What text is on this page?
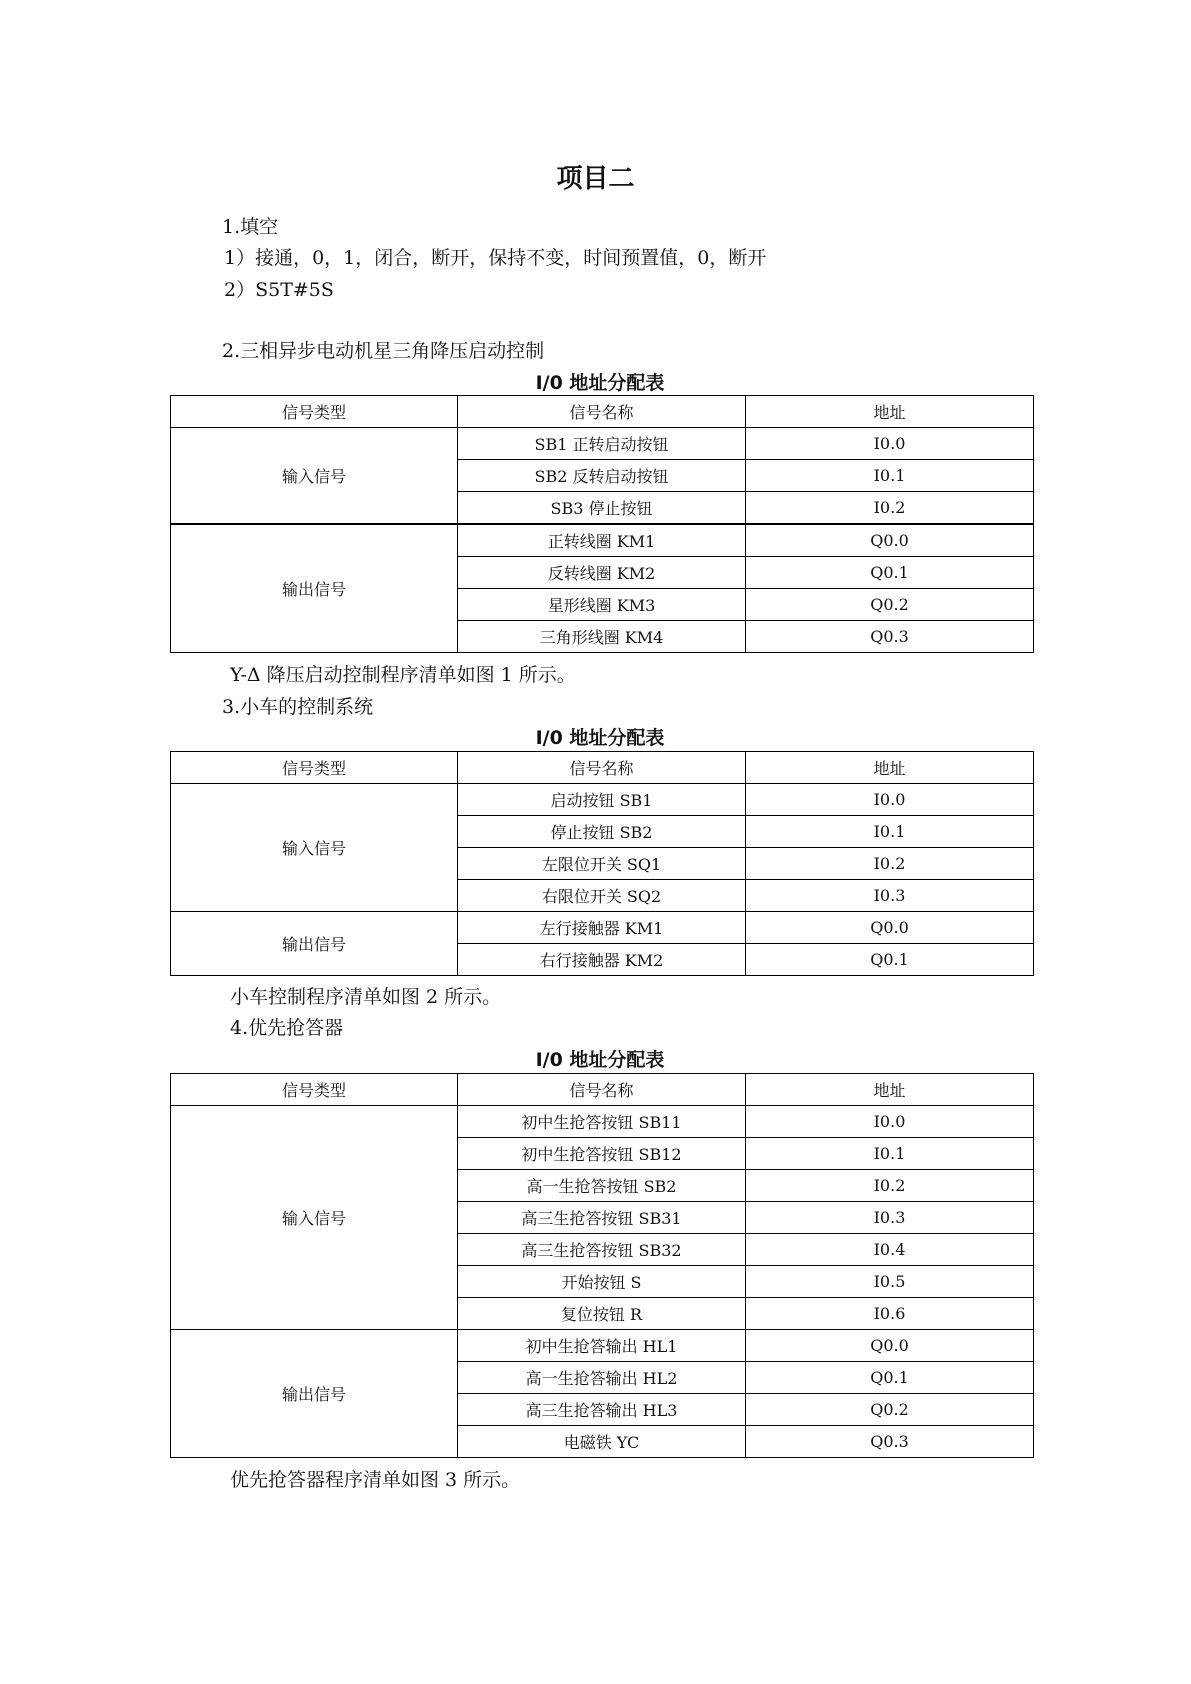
项目二
1.填空
1）接通，0，1，闭合，断开，保持不变，时间预置值，0，断开
2）S5T#5S
2.三相异步电动机星三角降压启动控制
I/0 地址分配表
信号类型	信号名称	地址
输入信号	SB1 正转启动按钮	I0.0
	SB2 反转启动按钮	I0.1
	SB3 停止按钮	I0.2
输出信号	正转线圈 KM1	Q0.0
	反转线圈 KM2	Q0.1
	星形线圈 KM3	Q0.2
	三角形线圈 KM4	Q0.3
Y-Δ 降压启动控制程序清单如图 1 所示。
3.小车的控制系统
I/0 地址分配表
信号类型	信号名称	地址
输入信号	启动按钮 SB1	I0.0
	停止按钮 SB2	I0.1
	左限位开关 SQ1	I0.2
	右限位开关 SQ2	I0.3
输出信号	左行接触器 KM1	Q0.0
	右行接触器 KM2	Q0.1
小车控制程序清单如图 2 所示。
4.优先抢答器
I/0 地址分配表
信号类型	信号名称	地址
输入信号	初中生抢答按钮 SB11	I0.0
	初中生抢答按钮 SB12	I0.1
	高一生抢答按钮 SB2	I0.2
	高三生抢答按钮 SB31	I0.3
	高三生抢答按钮 SB32	I0.4
	开始按钮 S	I0.5
	复位按钮 R	I0.6
输出信号	初中生抢答输出 HL1	Q0.0
	高一生抢答输出 HL2	Q0.1
	高三生抢答输出 HL3	Q0.2
	电磁铁 YC	Q0.3
优先抢答器程序清单如图 3 所示。
